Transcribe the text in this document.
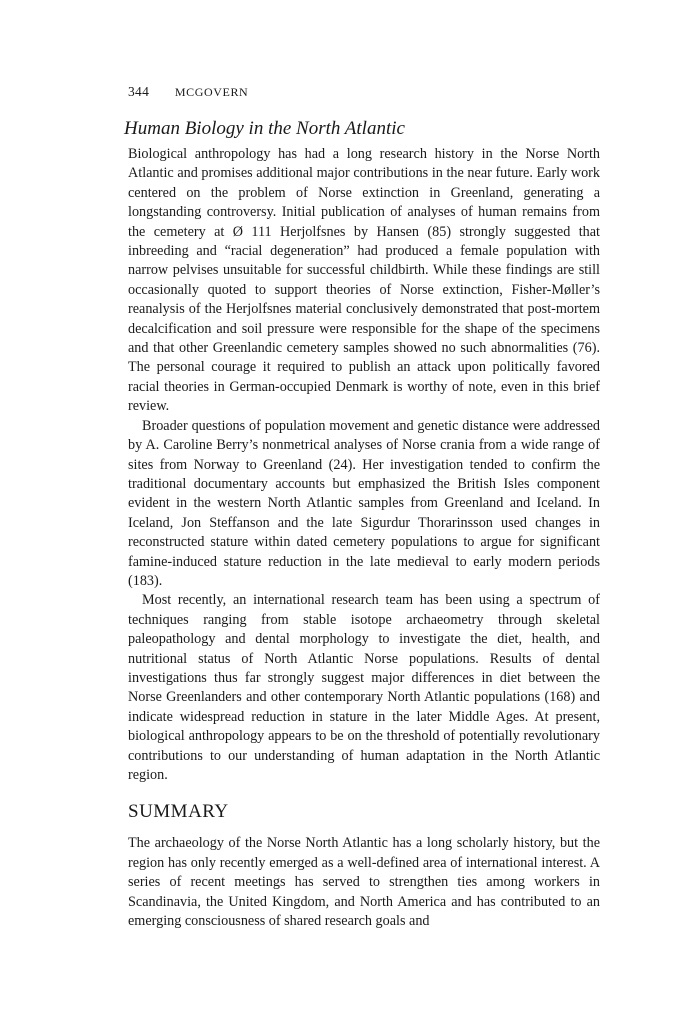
344 MCGOVERN
Human Biology in the North Atlantic

Biological anthropology has had a long research history in the Norse North Atlantic and promises additional major contributions in the near future. Early work centered on the problem of Norse extinction in Greenland, generating a longstanding controversy. Initial publication of analyses of human remains from the cemetery at Ø 111 Herjolfsnes by Hansen (85) strongly suggested that inbreeding and “racial degeneration” had produced a female population with narrow pelvises unsuitable for successful childbirth. While these findings are still occasionally quoted to support theories of Norse extinction, Fisher-Møller’s reanalysis of the Herjolfsnes material conclusively demonstrated that post-mortem decalcification and soil pressure were responsible for the shape of the specimens and that other Greenlandic cemetery samples showed no such abnormalities (76). The personal courage it required to publish an attack upon politically favored racial theories in German-occupied Denmark is worthy of note, even in this brief review.

Broader questions of population movement and genetic distance were addressed by A. Caroline Berry’s nonmetrical analyses of Norse crania from a wide range of sites from Norway to Greenland (24). Her investigation tended to confirm the traditional documentary accounts but emphasized the British Isles component evident in the western North Atlantic samples from Greenland and Iceland. In Iceland, Jon Steffanson and the late Sigurdur Thorarinsson used changes in reconstructed stature within dated cemetery populations to argue for significant famine-induced stature reduction in the late medieval to early modern periods (183).

Most recently, an international research team has been using a spectrum of techniques ranging from stable isotope archaeometry through skeletal paleopathology and dental morphology to investigate the diet, health, and nutritional status of North Atlantic Norse populations. Results of dental investigations thus far strongly suggest major differences in diet between the Norse Greenlanders and other contemporary North Atlantic populations (168) and indicate widespread reduction in stature in the later Middle Ages. At present, biological anthropology appears to be on the threshold of potentially revolutionary contributions to our understanding of human adaptation in the North Atlantic region.

SUMMARY

The archaeology of the Norse North Atlantic has a long scholarly history, but the region has only recently emerged as a well-defined area of international interest. A series of recent meetings has served to strengthen ties among workers in Scandinavia, the United Kingdom, and North America and has contributed to an emerging consciousness of shared research goals and
